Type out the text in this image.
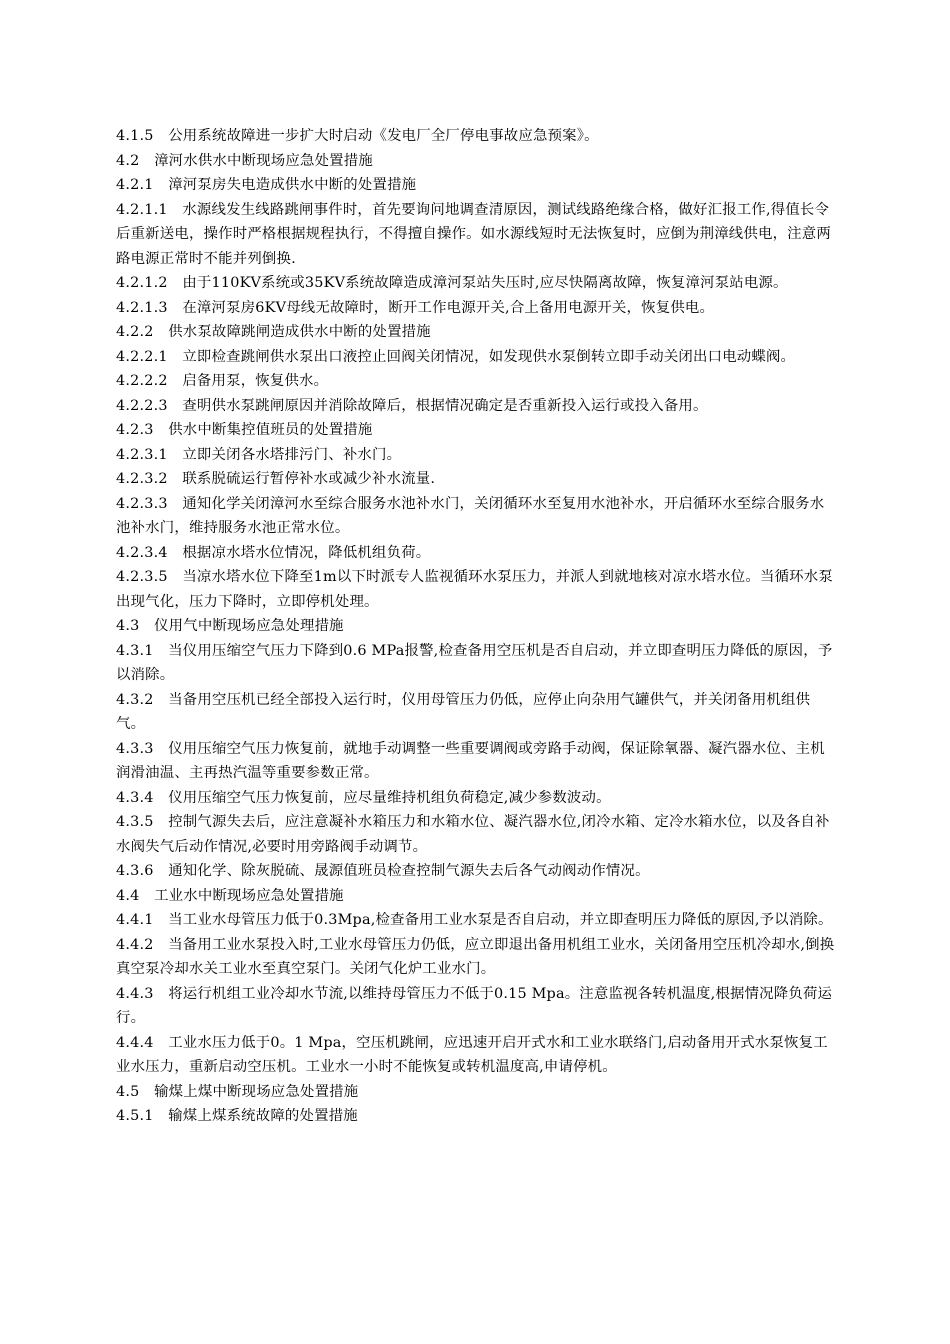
4.1.5　公用系统故障进一步扩大时启动《发电厂全厂停电事故应急预案》。

4.2　漳河水供水中断现场应急处置措施

4.2.1　漳河泵房失电造成供水中断的处置措施

4.2.1.1　水源线发生线路跳闸事件时，首先要询问地调查清原因，测试线路绝缘合格，做好汇报工作,得值长令后重新送电，操作时严格根据规程执行，不得擅自操作。如水源线短时无法恢复时，应倒为荆漳线供电，注意两路电源正常时不能并列倒换.

4.2.1.2　由于110KV系统或35KV系统故障造成漳河泵站失压时,应尽快隔离故障，恢复漳河泵站电源。

4.2.1.3　在漳河泵房6KV母线无故障时，断开工作电源开关,合上备用电源开关，恢复供电。

4.2.2　供水泵故障跳闸造成供水中断的处置措施

4.2.2.1　立即检查跳闸供水泵出口液控止回阀关闭情况，如发现供水泵倒转立即手动关闭出口电动蝶阀。

4.2.2.2　启备用泵，恢复供水。

4.2.2.3　查明供水泵跳闸原因并消除故障后，根据情况确定是否重新投入运行或投入备用。

4.2.3　供水中断集控值班员的处置措施

4.2.3.1　立即关闭各水塔排污门、补水门。

4.2.3.2　联系脱硫运行暂停补水或减少补水流量.

4.2.3.3　通知化学关闭漳河水至综合服务水池补水门，关闭循环水至复用水池补水，开启循环水至综合服务水池补水门，维持服务水池正常水位。

4.2.3.4　根据凉水塔水位情况，降低机组负荷。

4.2.3.5　当凉水塔水位下降至1m以下时派专人监视循环水泵压力，并派人到就地核对凉水塔水位。当循环水泵出现气化，压力下降时，立即停机处理。

4.3　仪用气中断现场应急处理措施

4.3.1　当仪用压缩空气压力下降到0.6 MPa报警,检查备用空压机是否自启动，并立即查明压力降低的原因，予以消除。

4.3.2　当备用空压机已经全部投入运行时，仪用母管压力仍低，应停止向杂用气罐供气，并关闭备用机组供气。

4.3.3　仪用压缩空气压力恢复前，就地手动调整一些重要调阀或旁路手动阀，保证除氧器、凝汽器水位、主机润滑油温、主再热汽温等重要参数正常。

4.3.4　仪用压缩空气压力恢复前，应尽量维持机组负荷稳定,减少参数波动。

4.3.5　控制气源失去后，应注意凝补水箱压力和水箱水位、凝汽器水位,闭冷水箱、定冷水箱水位，以及各自补水阀失气后动作情况,必要时用旁路阀手动调节。

4.3.6　通知化学、除灰脱硫、晟源值班员检查控制气源失去后各气动阀动作情况。

4.4　工业水中断现场应急处置措施

4.4.1　当工业水母管压力低于0.3Mpa,检查备用工业水泵是否自启动，并立即查明压力降低的原因,予以消除。

4.4.2　当备用工业水泵投入时,工业水母管压力仍低，应立即退出备用机组工业水，关闭备用空压机冷却水,倒换真空泵冷却水关工业水至真空泵门。关闭气化炉工业水门。

4.4.3　将运行机组工业冷却水节流,以维持母管压力不低于0.15 Mpa。注意监视各转机温度,根据情况降负荷运行。

4.4.4　工业水压力低于0。1 Mpa，空压机跳闸，应迅速开启开式水和工业水联络门,启动备用开式水泵恢复工业水压力，重新启动空压机。工业水一小时不能恢复或转机温度高,申请停机。

4.5　输煤上煤中断现场应急处置措施

4.5.1　输煤上煤系统故障的处置措施
